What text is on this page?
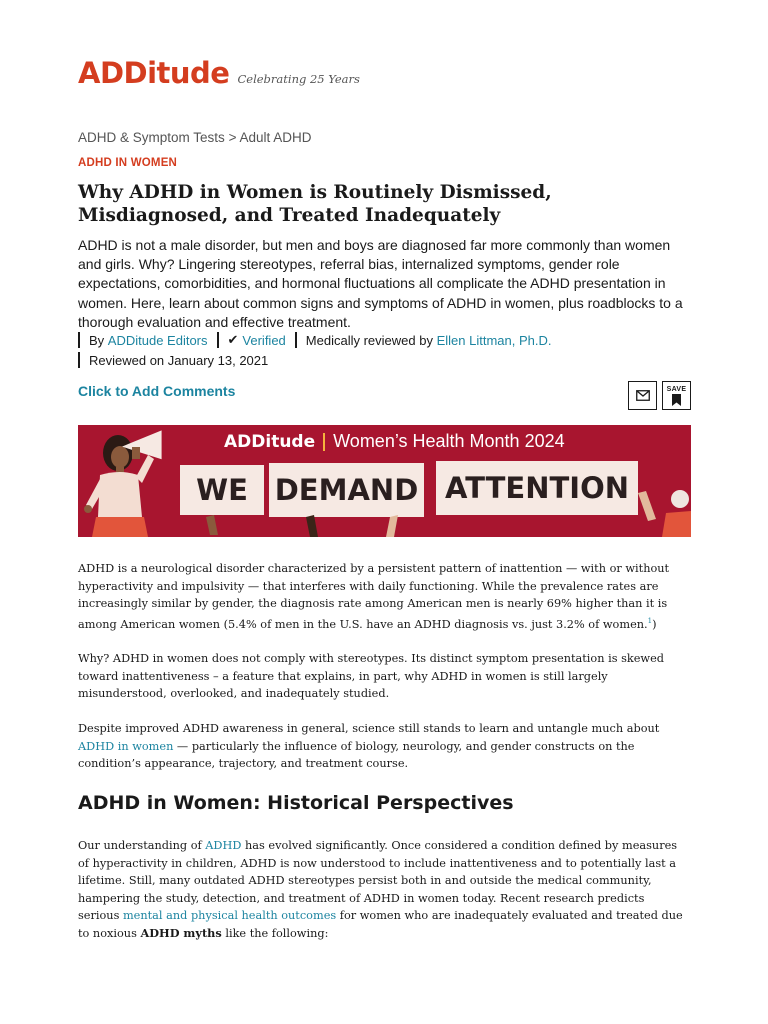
ADDitude Celebrating 25 Years
ADHD & Symptom Tests > Adult ADHD
ADHD IN WOMEN
Why ADHD in Women is Routinely Dismissed, Misdiagnosed, and Treated Inadequately

ADHD is not a male disorder, but men and boys are diagnosed far more commonly than women and girls. Why? Lingering stereotypes, referral bias, internalized symptoms, gender role expectations, comorbidities, and hormonal fluctuations all complicate the ADHD presentation in women. Here, learn about common signs and symptoms of ADHD in women, plus roadblocks to a thorough evaluation and effective treatment.

By
ADDitude Editors ✔ Verified Medically reviewed by
Ellen Littman, Ph.D.
Reviewed on January 13, 2021
Click to Add Comments	SAVE
ADDitude Women’s Health Month 2024
WE DEMAND ATTENTION

ADHD is a neurological disorder characterized by a persistent pattern of inattention — with or without hyperactivity and impulsivity — that interferes with daily functioning. While the prevalence rates are increasingly similar by gender, the diagnosis rate among American men is nearly 69% higher than it is among American women (5.4% of men in the U.S. have an ADHD diagnosis vs. just 3.2% of women.$^1$)

Why? ADHD in women does not comply with stereotypes. Its distinct symptom presentation is skewed toward inattentiveness – a feature that explains, in part, why ADHD in women is still largely misunderstood, overlooked, and inadequately studied.

Despite improved ADHD awareness in general, science still stands to learn and untangle much about ADHD in women — particularly the influence of biology, neurology, and gender constructs on the condition’s appearance, trajectory, and treatment course.

ADHD in Women: Historical Perspectives

Our understanding of ADHD has evolved significantly. Once considered a condition defined by measures of hyperactivity in children, ADHD is now understood to include inattentiveness and to potentially last a lifetime. Still, many outdated ADHD stereotypes persist both in and outside the medical community, hampering the study, detection, and treatment of ADHD in women today. Recent research predicts serious mental and physical health outcomes for women who are inadequately evaluated and treated due to noxious ADHD myths like the following:
